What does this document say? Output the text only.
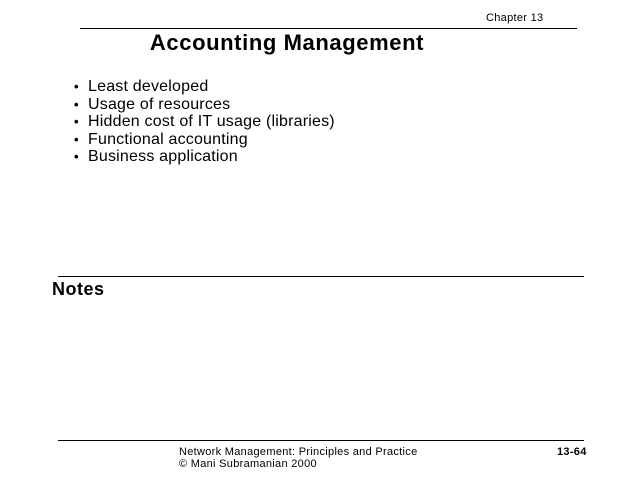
Chapter 13
Accounting Management
• Least developed
• Usage of resources
• Hidden cost of IT usage (libraries)
• Functional accounting
• Business application
Notes
Network Management: Principles and Practice
© Mani Subramanian 2000
13-64
